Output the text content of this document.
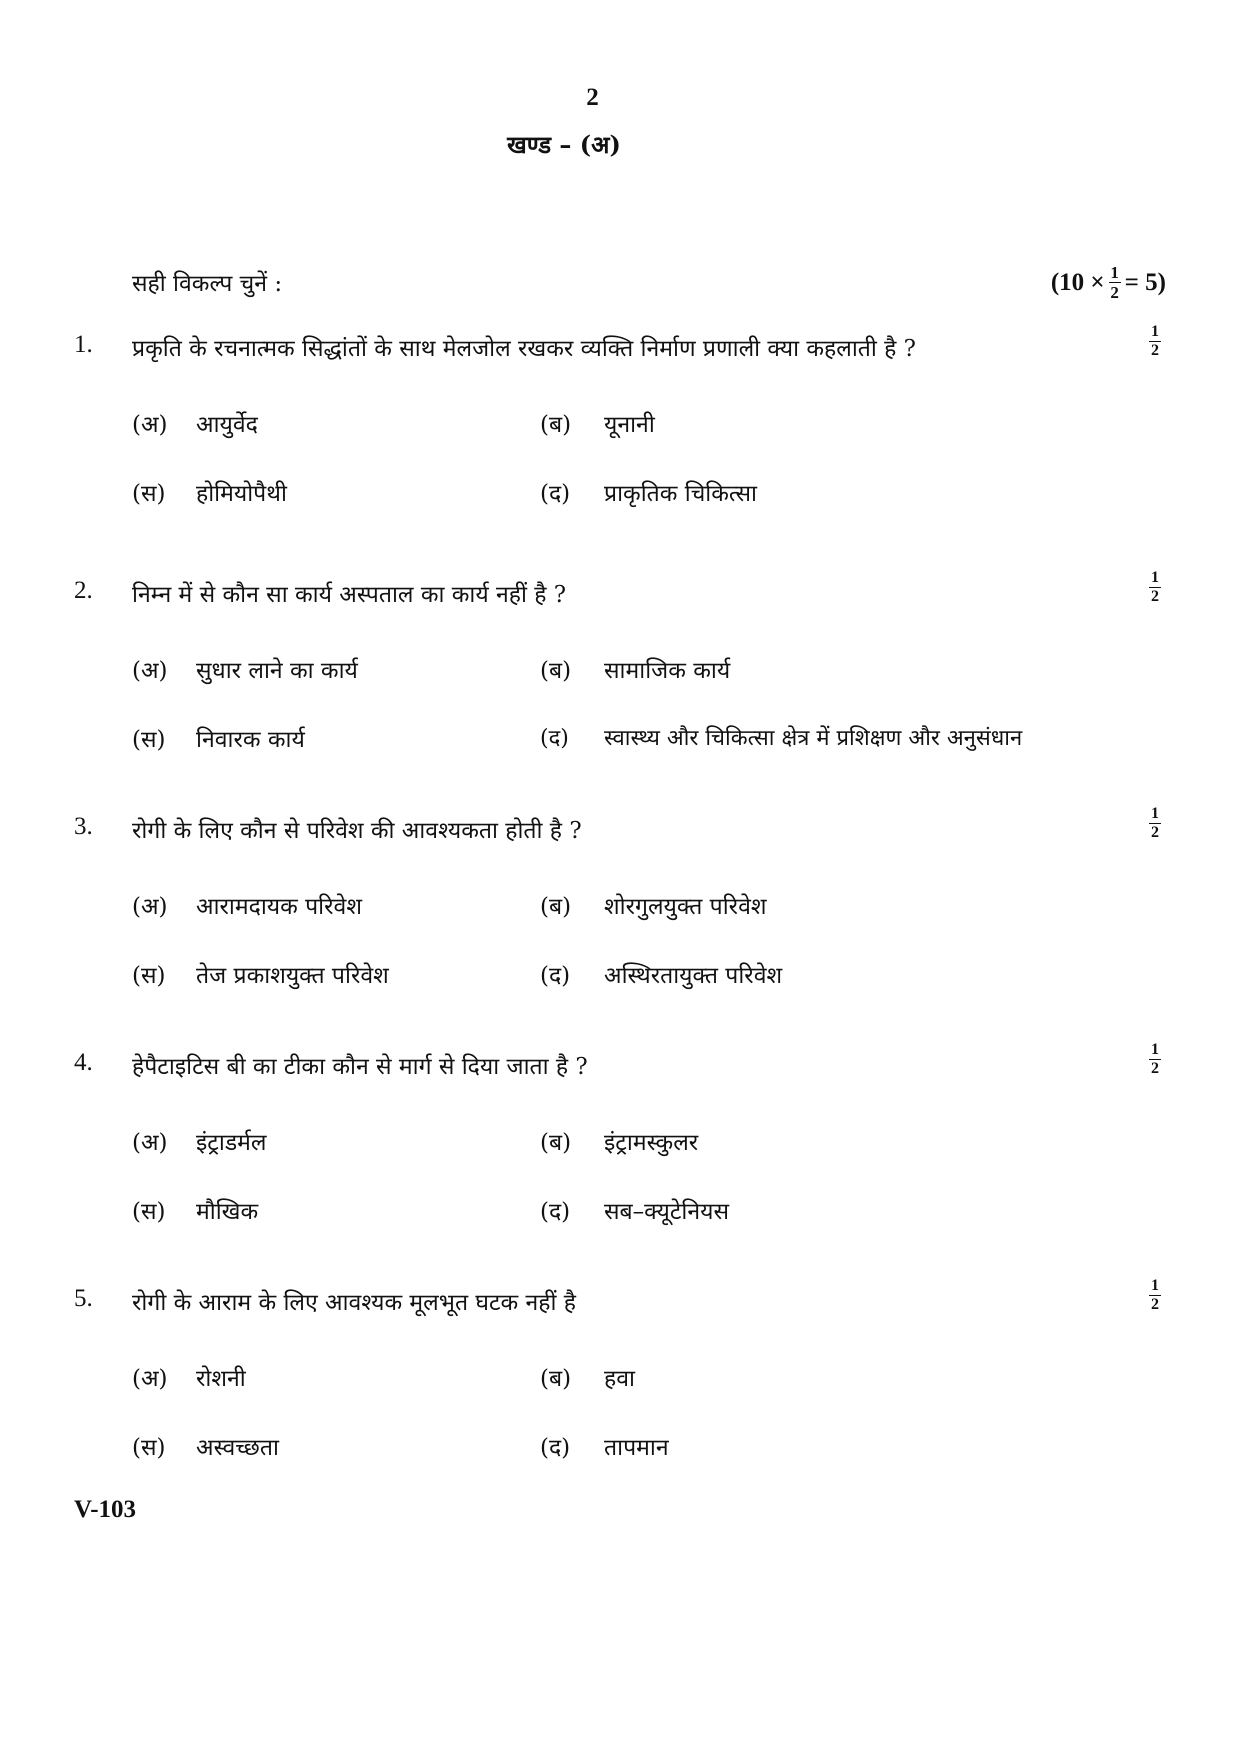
2
खण्ड – (अ)
सही विकल्प चुनें :	$(10 \times \frac{1}{2} = 5)$
1. प्रकृति के रचनात्मक सिद्धांतों के साथ मेलजोल रखकर व्यक्ति निर्माण प्रणाली क्या कहलाती है ?
1
2
(अ)	आयुर्वेद	(ब)	यूनानी
(स)	होमियोपैथी	(द)	प्राकृतिक चिकित्सा
2. निम्न में से कौन सा कार्य अस्पताल का कार्य नहीं है ?
1
2
(अ)	सुधार लाने का कार्य	(ब)	सामाजिक कार्य
(स)	निवारक कार्य	(द)	स्वास्थ्य और चिकित्सा क्षेत्र में प्रशिक्षण और अनुसंधान
3. रोगी के लिए कौन से परिवेश की आवश्यकता होती है ?
1
2
(अ)	आरामदायक परिवेश	(ब)	शोरगुलयुक्त परिवेश
(स)	तेज प्रकाशयुक्त परिवेश	(द)	अस्थिरतायुक्त परिवेश
4. हेपैटाइटिस बी का टीका कौन से मार्ग से दिया जाता है ?
1
2
(अ)	इंट्राडर्मल	(ब)	इंट्रामस्कुलर
(स)	मौखिक	(द)	सब–क्यूटेनियस
5. रोगी के आराम के लिए आवश्यक मूलभूत घटक नहीं है
1
2
(अ)	रोशनी	(ब)	हवा
(स)	अस्वच्छता	(द)	तापमान
V-103
